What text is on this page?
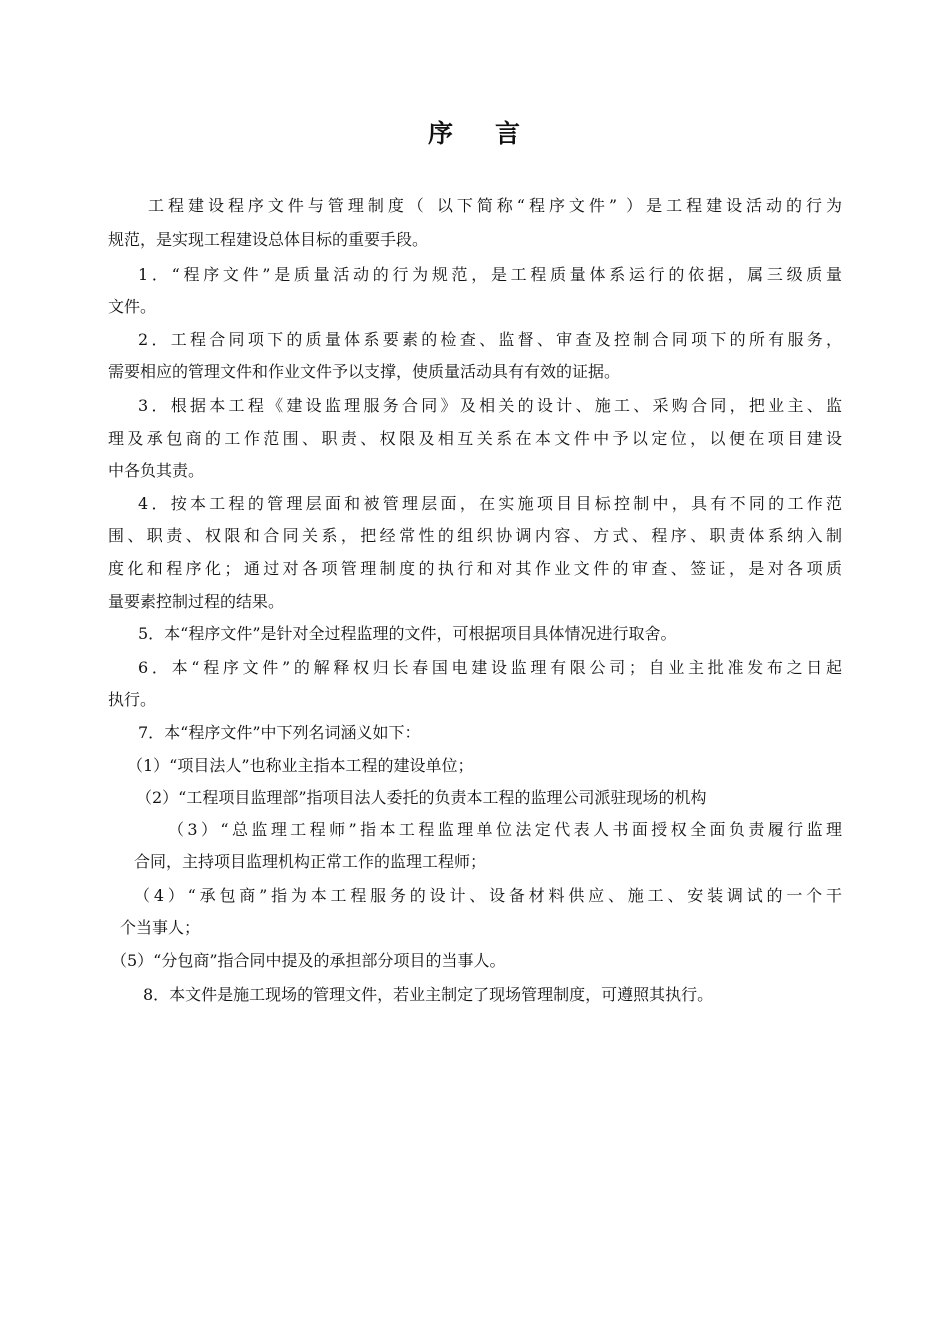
序 言
工程建设程序文件与管理制度（ 以下简称“程序文件” ）是工程建设活动的行为
规范，是实现工程建设总体目标的重要手段。
1．“程序文件”是质量活动的行为规范，是工程质量体系运行的依据，属三级质量
文件。
2．工程合同项下的质量体系要素的检查、监督、审查及控制合同项下的所有服务，
需要相应的管理文件和作业文件予以支撑，使质量活动具有有效的证据。
3．根据本工程《建设监理服务合同》及相关的设计、施工、采购合同，把业主、监
理及承包商的工作范围、职责、权限及相互关系在本文件中予以定位，以便在项目建设
中各负其责。
4．按本工程的管理层面和被管理层面，在实施项目目标控制中，具有不同的工作范
围、职责、权限和合同关系，把经常性的组织协调内容、方式、程序、职责体系纳入制
度化和程序化；通过对各项管理制度的执行和对其作业文件的审查、签证，是对各项质
量要素控制过程的结果。
5．本“程序文件”是针对全过程监理的文件，可根据项目具体情况进行取舍。
6．本“程序文件”的解释权归长春国电建设监理有限公司；自业主批准发布之日起
执行。
7．本“程序文件”中下列名词涵义如下：
（1）“项目法人”也称业主指本工程的建设单位；
（2）“工程项目监理部”指项目法人委托的负责本工程的监理公司派驻现场的机构
（3）“总监理工程师”指本工程监理单位法定代表人书面授权全面负责履行监理
合同，主持项目监理机构正常工作的监理工程师；
（4）“承包商”指为本工程服务的设计、设备材料供应、施工、安装调试的一个干
个当事人；
（5）“分包商”指合同中提及的承担部分项目的当事人。
8．本文件是施工现场的管理文件，若业主制定了现场管理制度，可遵照其执行。
